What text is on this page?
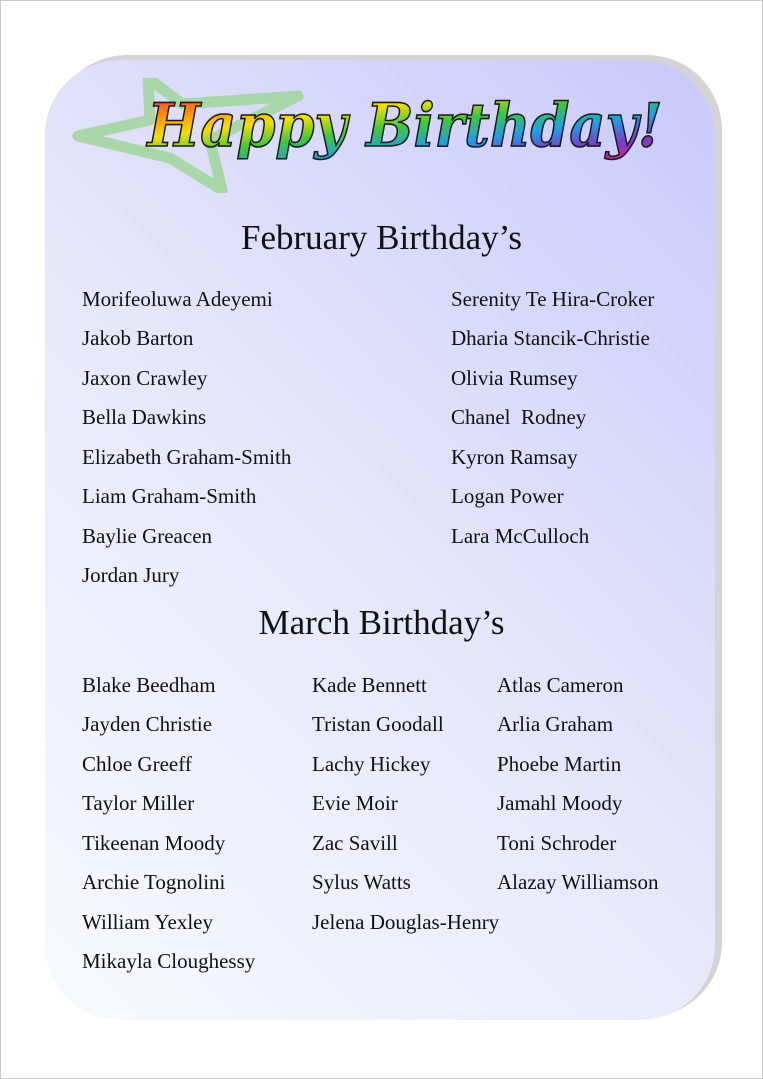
Happy Birthday!
February Birthday’s
Morifeoluwa Adeyemi
Jakob Barton
Jaxon Crawley
Bella Dawkins
Elizabeth Graham-Smith
Liam Graham-Smith
Baylie Greacen
Jordan Jury
Serenity Te Hira-Croker
Dharia Stancik-Christie
Olivia Rumsey
Chanel  Rodney
Kyron Ramsay
Logan Power
Lara McCulloch
March Birthday’s
Blake Beedham
Jayden Christie
Chloe Greeff
Taylor Miller
Tikeenan Moody
Archie Tognolini
William Yexley
Mikayla Cloughessy
Kade Bennett
Tristan Goodall
Lachy Hickey
Evie Moir
Zac Savill
Sylus Watts
Jelena Douglas-Henry
Atlas Cameron
Arlia Graham
Phoebe Martin
Jamahl Moody
Toni Schroder
Alazay Williamson
